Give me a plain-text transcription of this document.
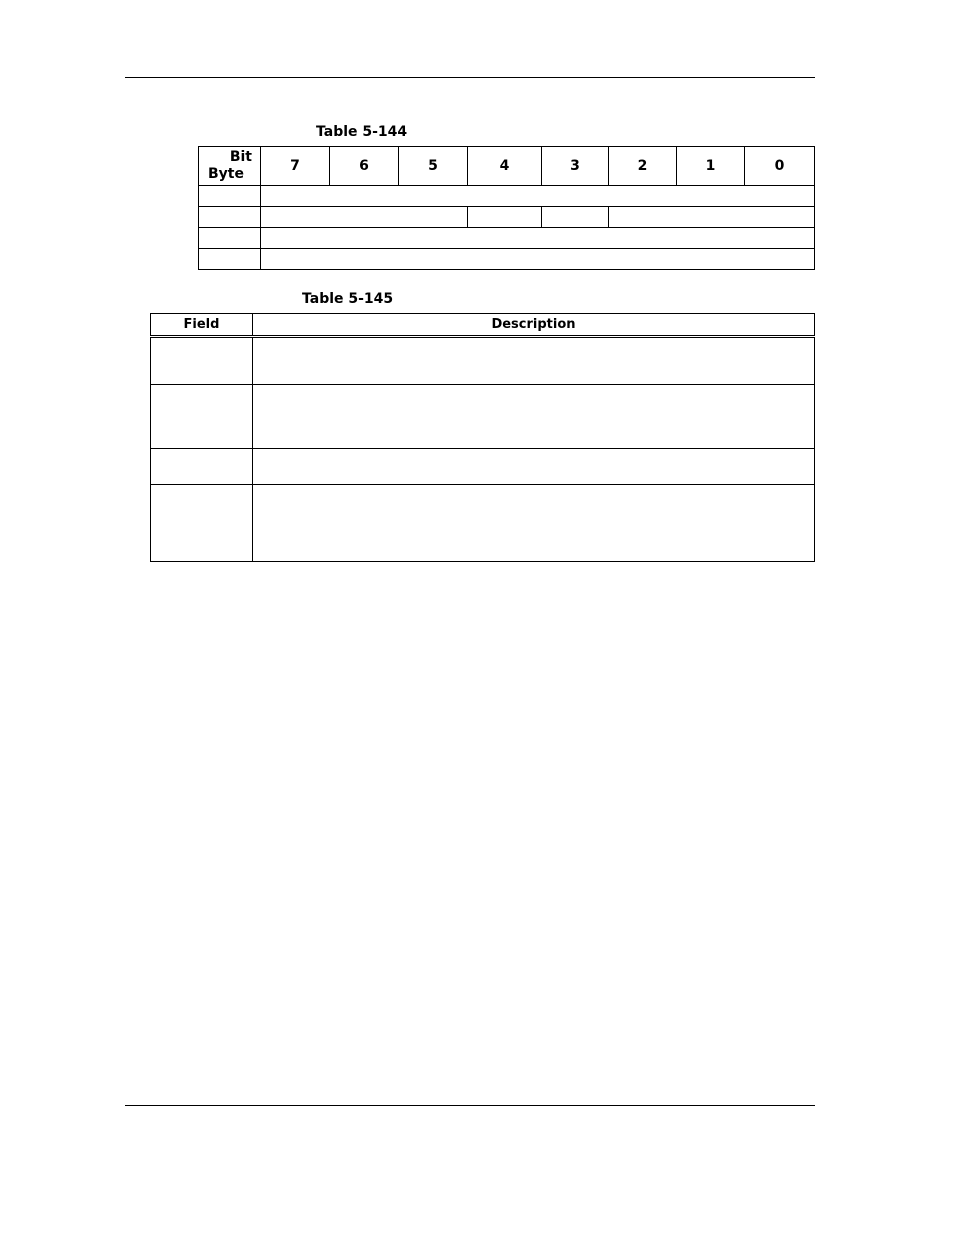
Table 5-144
Bit
Byte	7	6	5	4	3	2	1	0

Table 5-145
Field	Description
